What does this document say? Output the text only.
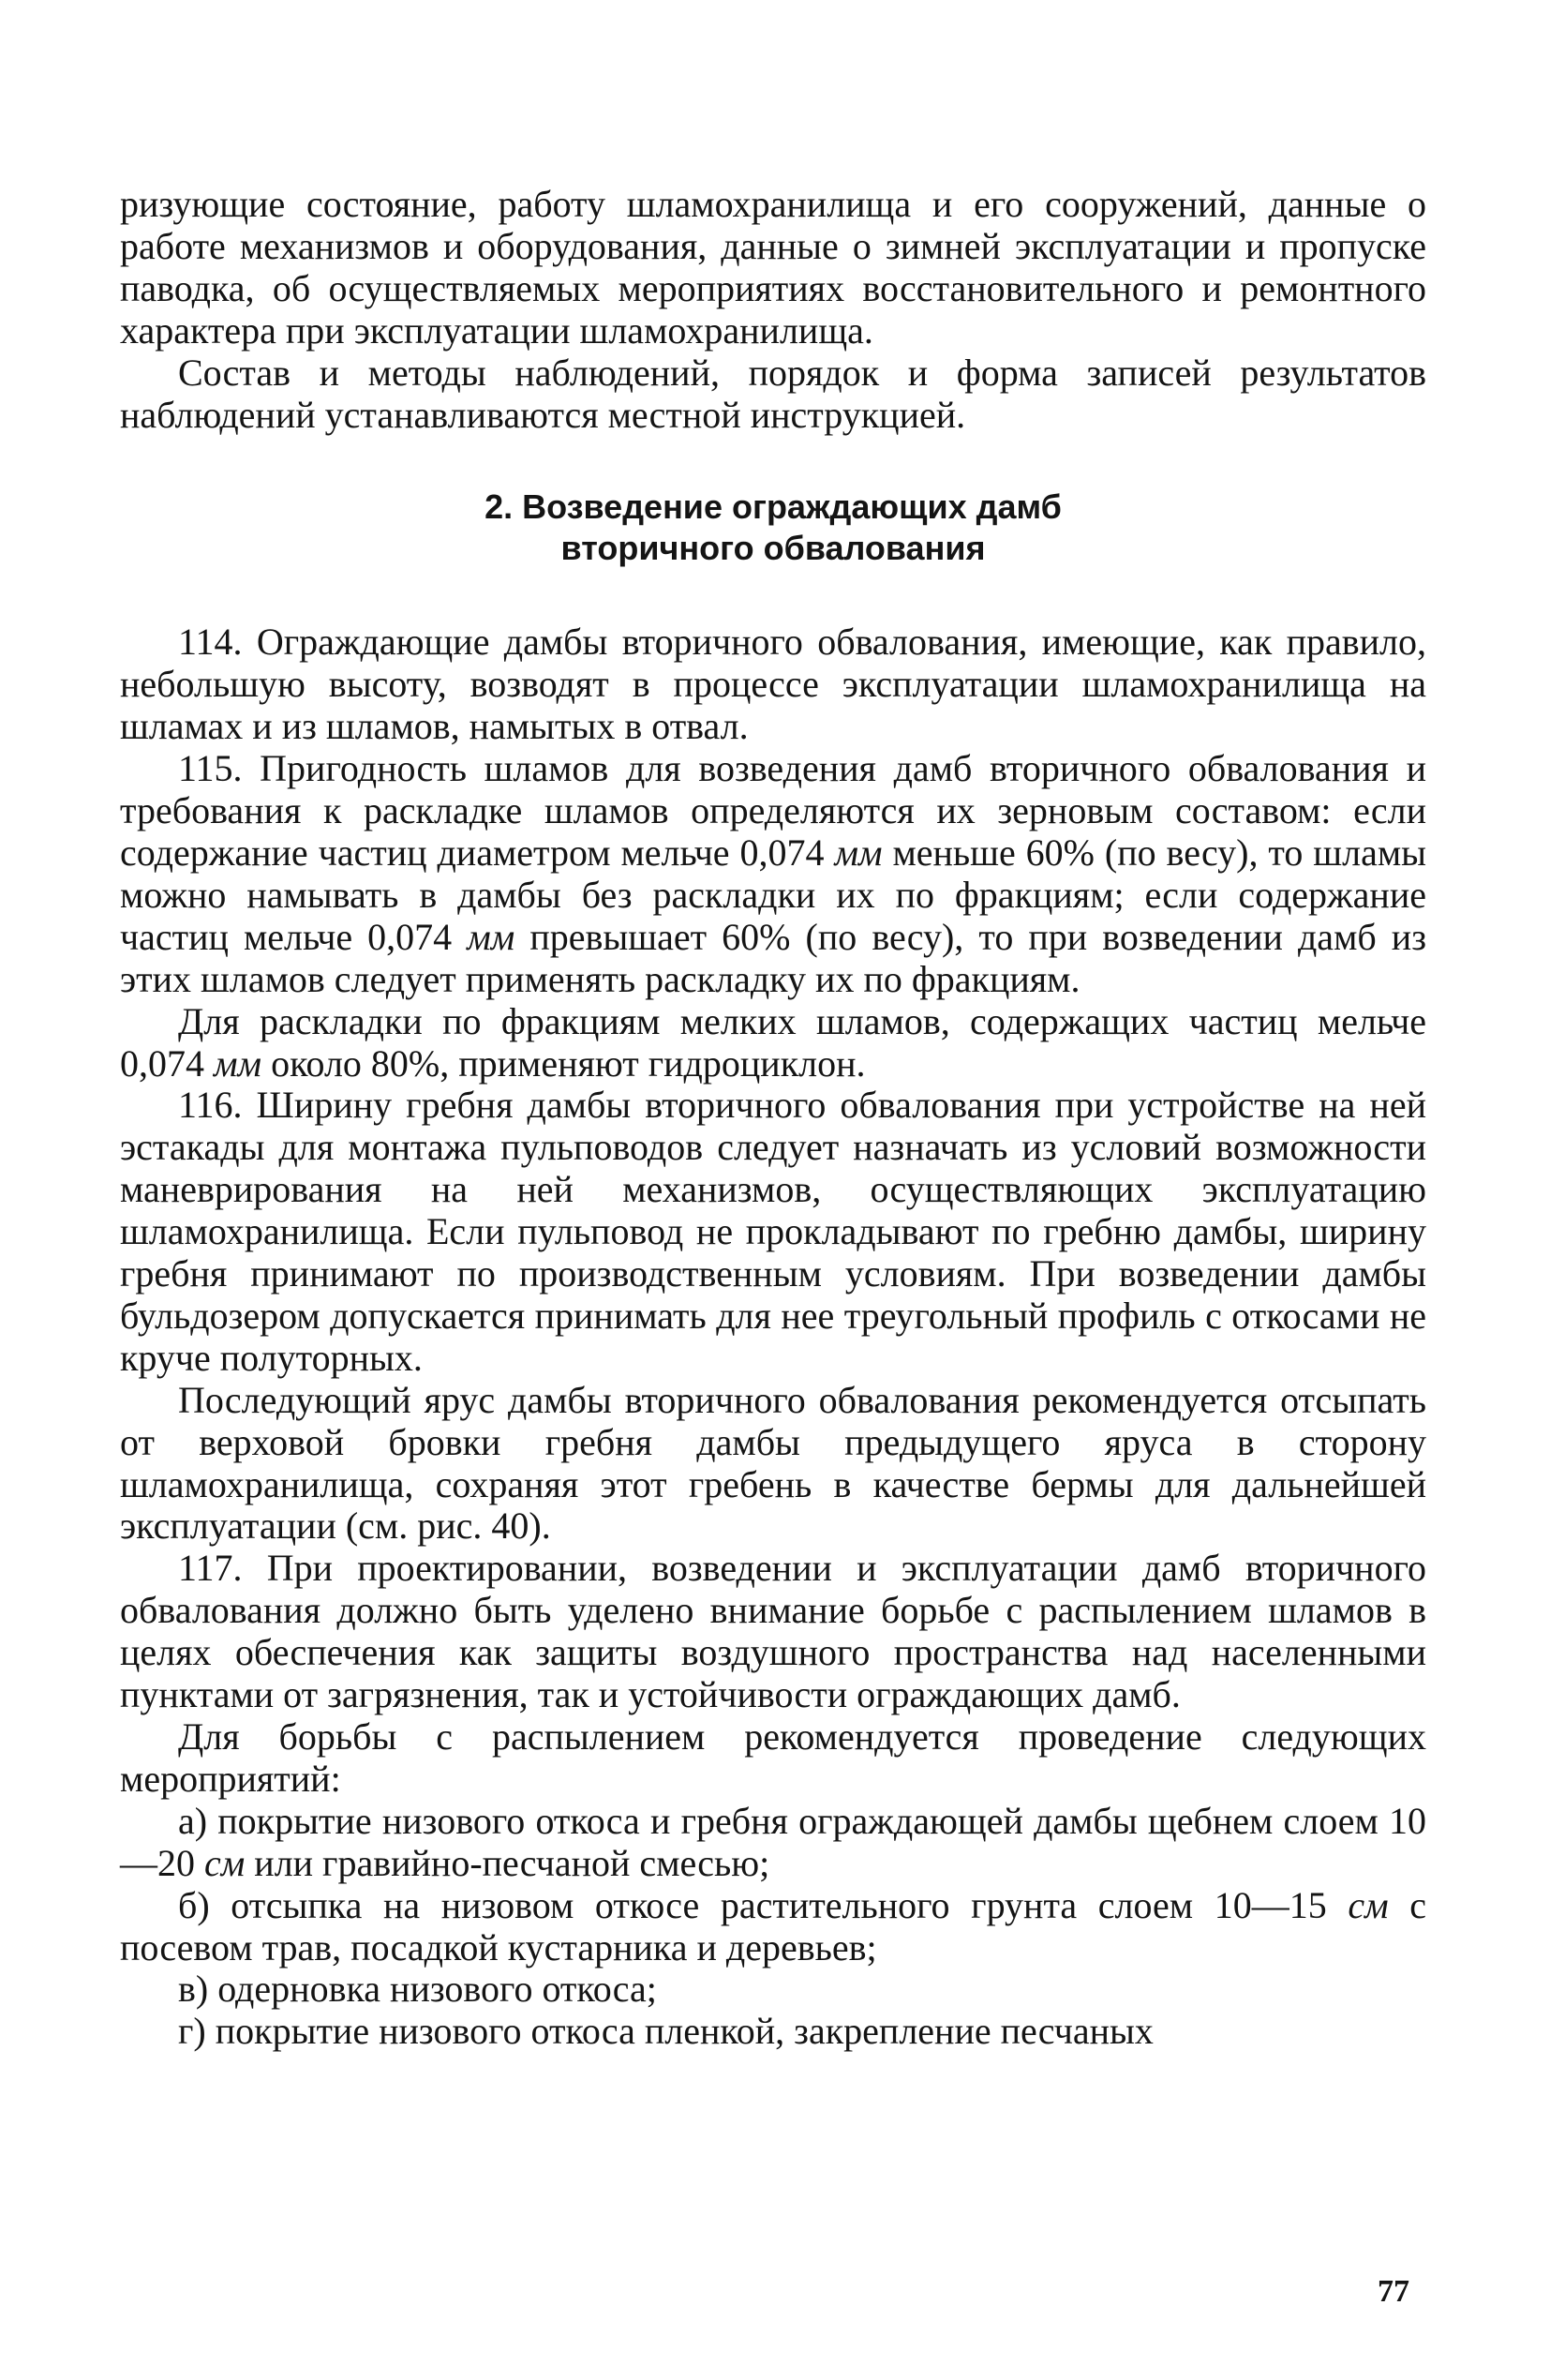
ризующие состояние, работу шламохранилища и его сооружений, данные о работе механизмов и оборудования, данные о зимней эксплуатации и пропуске паводка, об осуществляемых мероприятиях восстановительного и ремонтного характера при эксплуатации шламохранилища.

Состав и методы наблюдений, порядок и форма записей результатов наблюдений устанавливаются местной инструкцией.

2. Возведение ограждающих дамб
вторичного обвалования

114. Ограждающие дамбы вторичного обвалования, имеющие, как правило, небольшую высоту, возводят в процессе эксплуатации шламохранилища на шламах и из шламов, намытых в отвал.

115. Пригодность шламов для возведения дамб вторичного обвалования и требования к раскладке шламов определяются их зерновым составом: если содержание частиц диаметром мельче 0,074 мм меньше 60% (по весу), то шламы можно намывать в дамбы без раскладки их по фракциям; если содержание частиц мельче 0,074 мм превышает 60% (по весу), то при возведении дамб из этих шламов следует применять раскладку их по фракциям.

Для раскладки по фракциям мелких шламов, содержащих частиц мельче 0,074 мм около 80%, применяют гидроциклон.

116. Ширину гребня дамбы вторичного обвалования при устройстве на ней эстакады для монтажа пульповодов следует назначать из условий возможности маневрирования на ней механизмов, осуществляющих эксплуатацию шламохранилища. Если пульповод не прокладывают по гребню дамбы, ширину гребня принимают по производственным условиям. При возведении дамбы бульдозером допускается принимать для нее треугольный профиль с откосами не круче полуторных.

Последующий ярус дамбы вторичного обвалования рекомендуется отсыпать от верховой бровки гребня дамбы предыдущего яруса в сторону шламохранилища, сохраняя этот гребень в качестве бермы для дальнейшей эксплуатации (см. рис. 40).

117. При проектировании, возведении и эксплуатации дамб вторичного обвалования должно быть уделено внимание борьбе с распылением шламов в целях обеспечения как защиты воздушного пространства над населенными пунктами от загрязнения, так и устойчивости ограждающих дамб.

Для борьбы с распылением рекомендуется проведение следующих мероприятий:

а) покрытие низового откоса и гребня ограждающей дамбы щебнем слоем 10—20 см или гравийно-песчаной смесью;

б) отсыпка на низовом откосе растительного грунта слоем 10—15 см с посевом трав, посадкой кустарника и деревьев;

в) одерновка низового откоса;

г) покрытие низового откоса пленкой, закрепление песчаных

77
